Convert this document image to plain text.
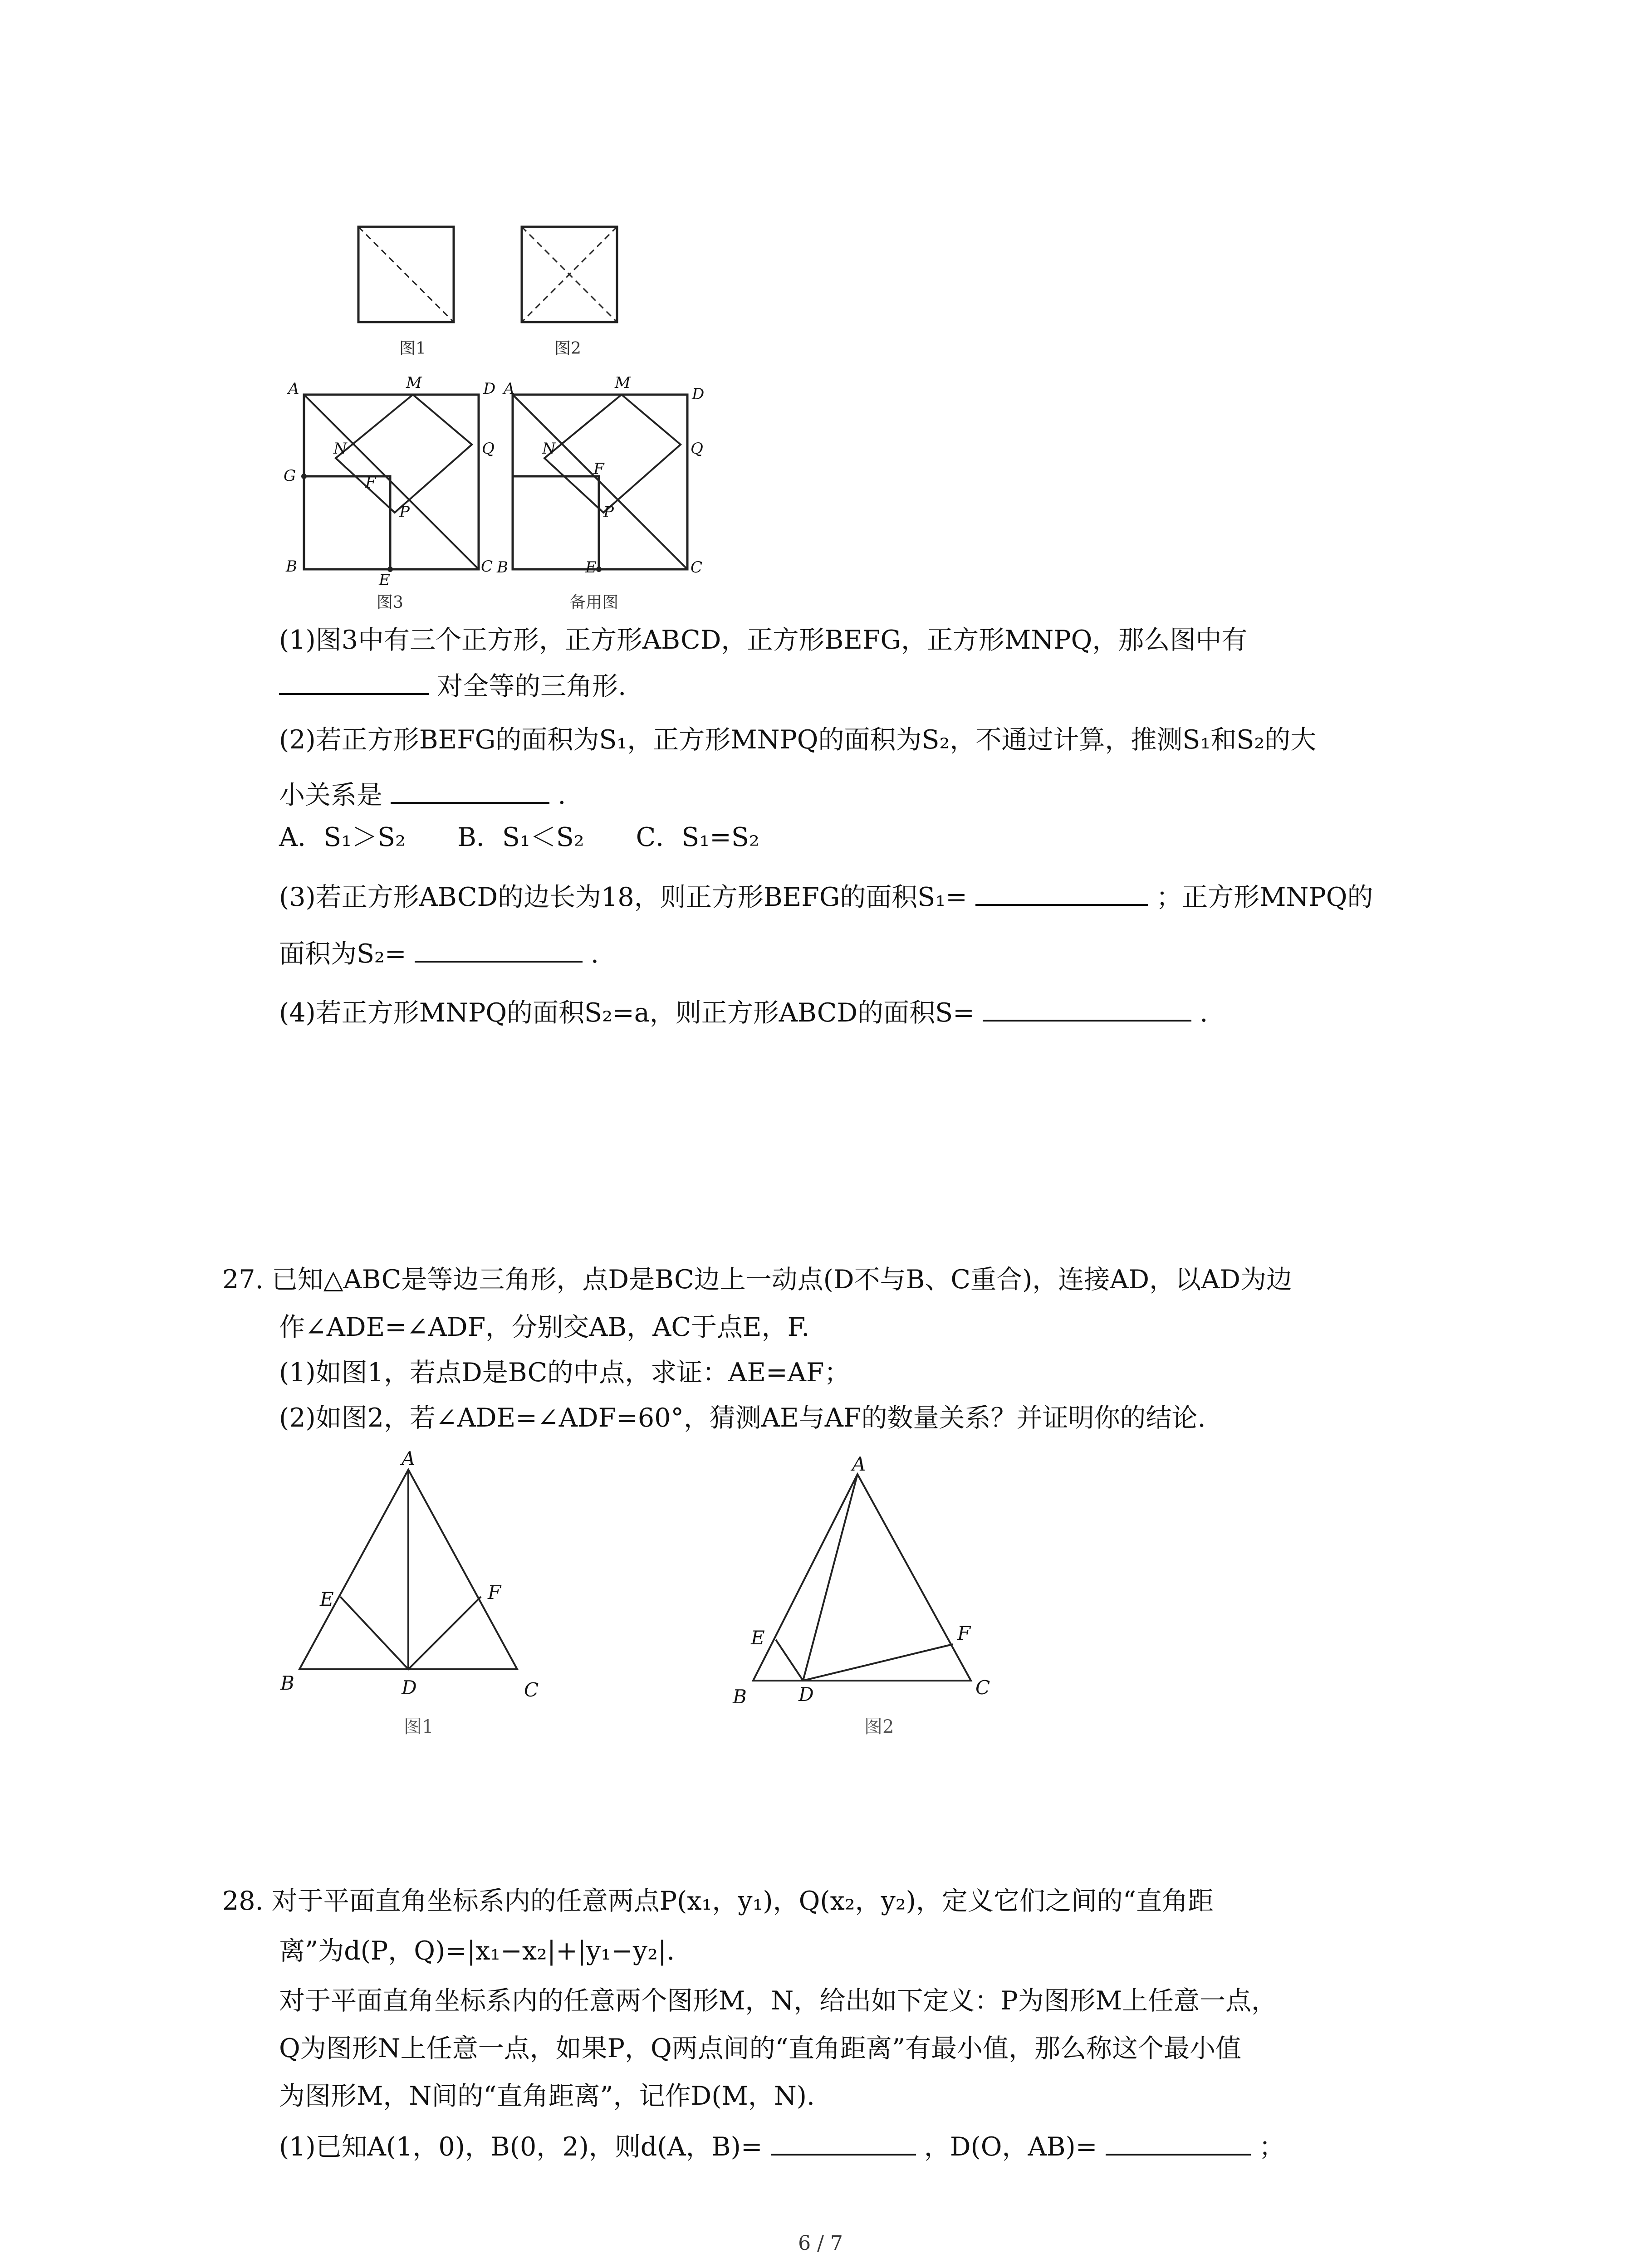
A	M	D
N	Q
G	F
P
B
E
C
A	M
D
N	Q
F
P
B	E	C
图1	图2
图3	备用图
(1)图3中有三个正方形，正方形ABCD，正方形BEFG，正方形MNPQ，那么图中有
对全等的三角形.
(2)若正方形BEFG的面积为S₁，正方形MNPQ的面积为S₂，不通过计算，推测S₁和S₂的大
小关系是	.
A．S₁＞S₂　　B．S₁＜S₂　　C．S₁=S₂
(3)若正方形ABCD的边长为18，则正方形BEFG的面积S₁=	；正方形MNPQ的
面积为S₂=	.
(4)若正方形MNPQ的面积S₂=a，则正方形ABCD的面积S=	.
27. 已知△ABC是等边三角形，点D是BC边上一动点(D不与B、C重合)，连接AD，以AD为边
作∠ADE=∠ADF，分别交AB，AC于点E，F.
(1)如图1，若点D是BC的中点，求证：AE=AF；
(2)如图2，若∠ADE=∠ADF=60°，猜测AE与AF的数量关系？并证明你的结论.
A
E	F
B	D	C
A
E	F
B	D	C
图1	图2
28. 对于平面直角坐标系内的任意两点P(x₁，y₁)，Q(x₂，y₂)，定义它们之间的“直角距
离”为d(P，Q)=|x₁−x₂|+|y₁−y₂|.
对于平面直角坐标系内的任意两个图形M，N，给出如下定义：P为图形M上任意一点，
Q为图形N上任意一点，如果P，Q两点间的“直角距离”有最小值，那么称这个最小值
为图形M，N间的“直角距离”，记作D(M，N).
(1)已知A(1，0)，B(0，2)，则d(A，B)=	，D(O，AB)=	；
6 / 7
